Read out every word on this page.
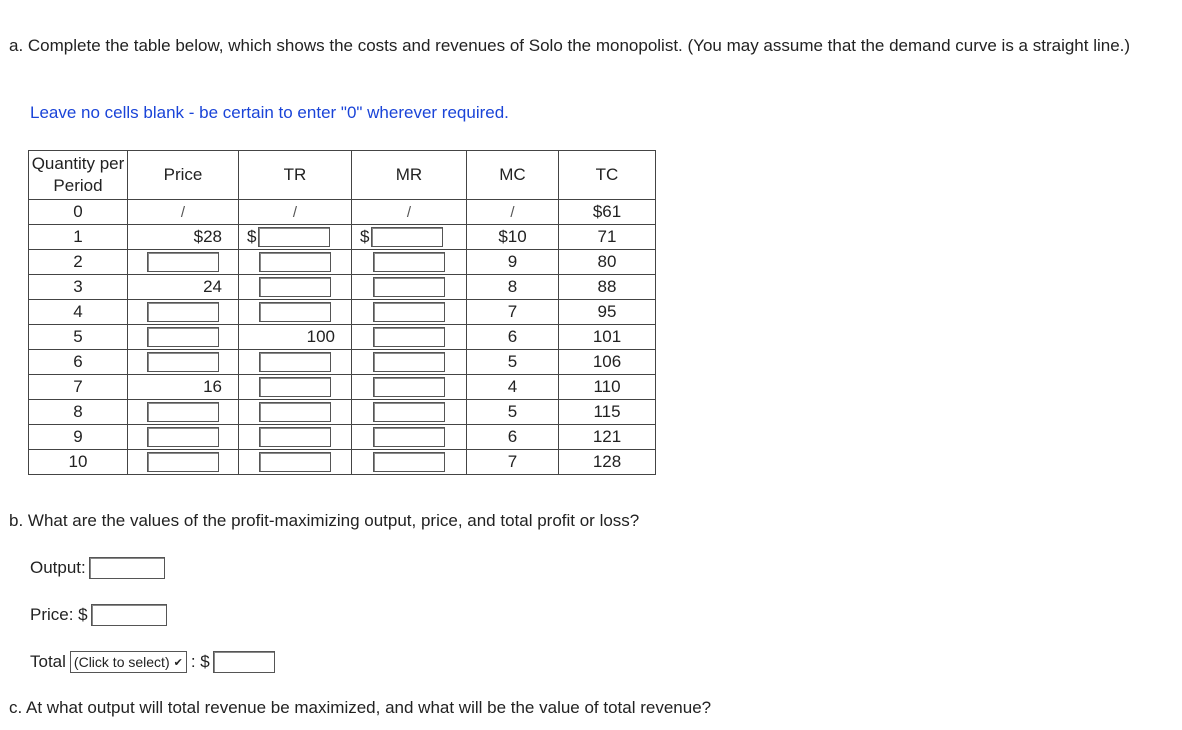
a. Complete the table below, which shows the costs and revenues of Solo the monopolist. (You may assume that the demand curve is a straight line.)
Leave no cells blank - be certain to enter "0" wherever required.
Quantity per Period	Price	TR	MR	MC	TC
0	/	/	/	/	$61
1	$28	$	$	$10	71
2				9	80
3	24			8	88
4				7	95
5		100		6	101
6				5	106
7	16			4	110
8				5	115
9				6	121
10				7	128
b. What are the values of the profit-maximizing output, price, and total profit or loss?
Output:
Price: $
Total (Click to select) ✔︎ : $
c. At what output will total revenue be maximized, and what will be the value of total revenue?
